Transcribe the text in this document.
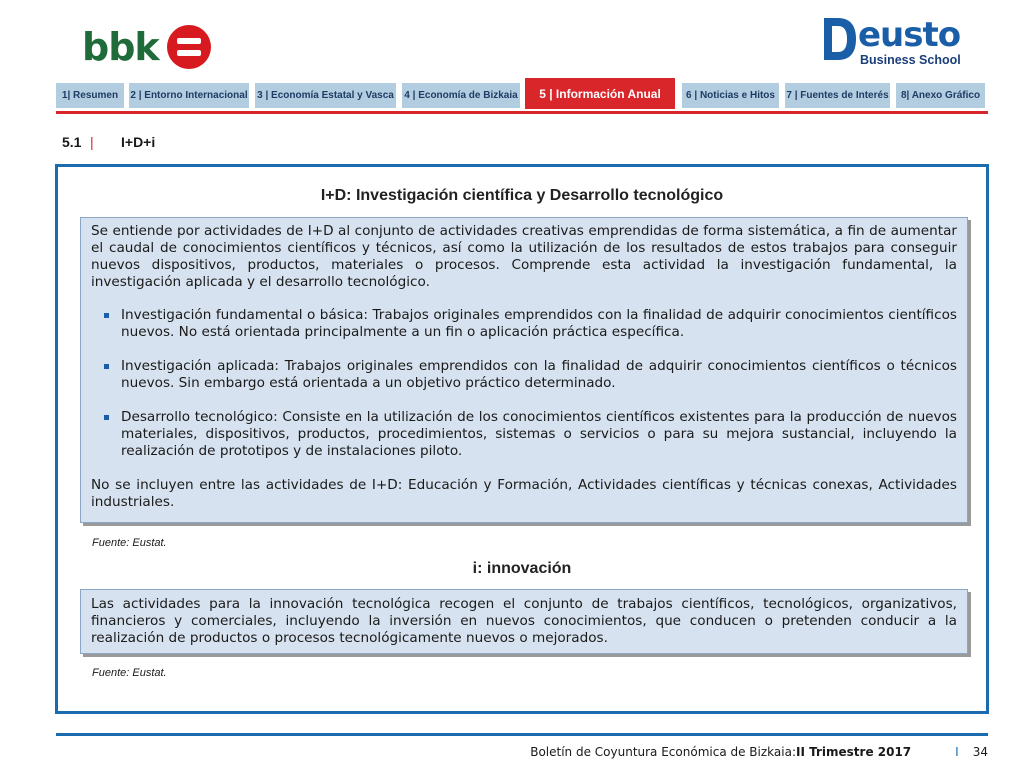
bbk	eusto
Business School
1| Resumen	2 | Entorno Internacional 3 | Economía Estatal y Vasca 4 | Economía de Bizkaia	5 | Información Anual	6 | Noticias e Hitos	7 | Fuentes de Interés	8| Anexo Gráfico
5.1 |	I+D+i
I+D: Investigación científica y Desarrollo tecnológico

Se entiende por actividades de I+D al conjunto de actividades creativas emprendidas de forma sistemática, a fin de aumentar el caudal de conocimientos científicos y técnicos, así como la utilización de los resultados de estos trabajos para conseguir nuevos dispositivos, productos, materiales o procesos. Comprende esta actividad la investigación fundamental, la investigación aplicada y el desarrollo tecnológico.

Investigación fundamental o básica: Trabajos originales emprendidos con la finalidad de adquirir conocimientos científicos nuevos. No está orientada principalmente a un fin o aplicación práctica específica.
Investigación aplicada: Trabajos originales emprendidos con la finalidad de adquirir conocimientos científicos o técnicos nuevos. Sin embargo está orientada a un objetivo práctico determinado.
Desarrollo tecnológico: Consiste en la utilización de los conocimientos científicos existentes para la producción de nuevos materiales, dispositivos, productos, procedimientos, sistemas o servicios o para su mejora sustancial, incluyendo la realización de prototipos y de instalaciones piloto.

No se incluyen entre las actividades de I+D: Educación y Formación, Actividades científicas y técnicas conexas, Actividades industriales.

Fuente: Eustat.
i: innovación

Las actividades para la innovación tecnológica recogen el conjunto de trabajos científicos, tecnológicos, organizativos, financieros y comerciales, incluyendo la inversión en nuevos conocimientos, que conducen o pretenden conducir a la realización de productos o procesos tecnológicamente nuevos o mejorados.

Fuente: Eustat.
Boletín de Coyuntura Económica de Bizkaia: II Trimestre 2017	I 34
